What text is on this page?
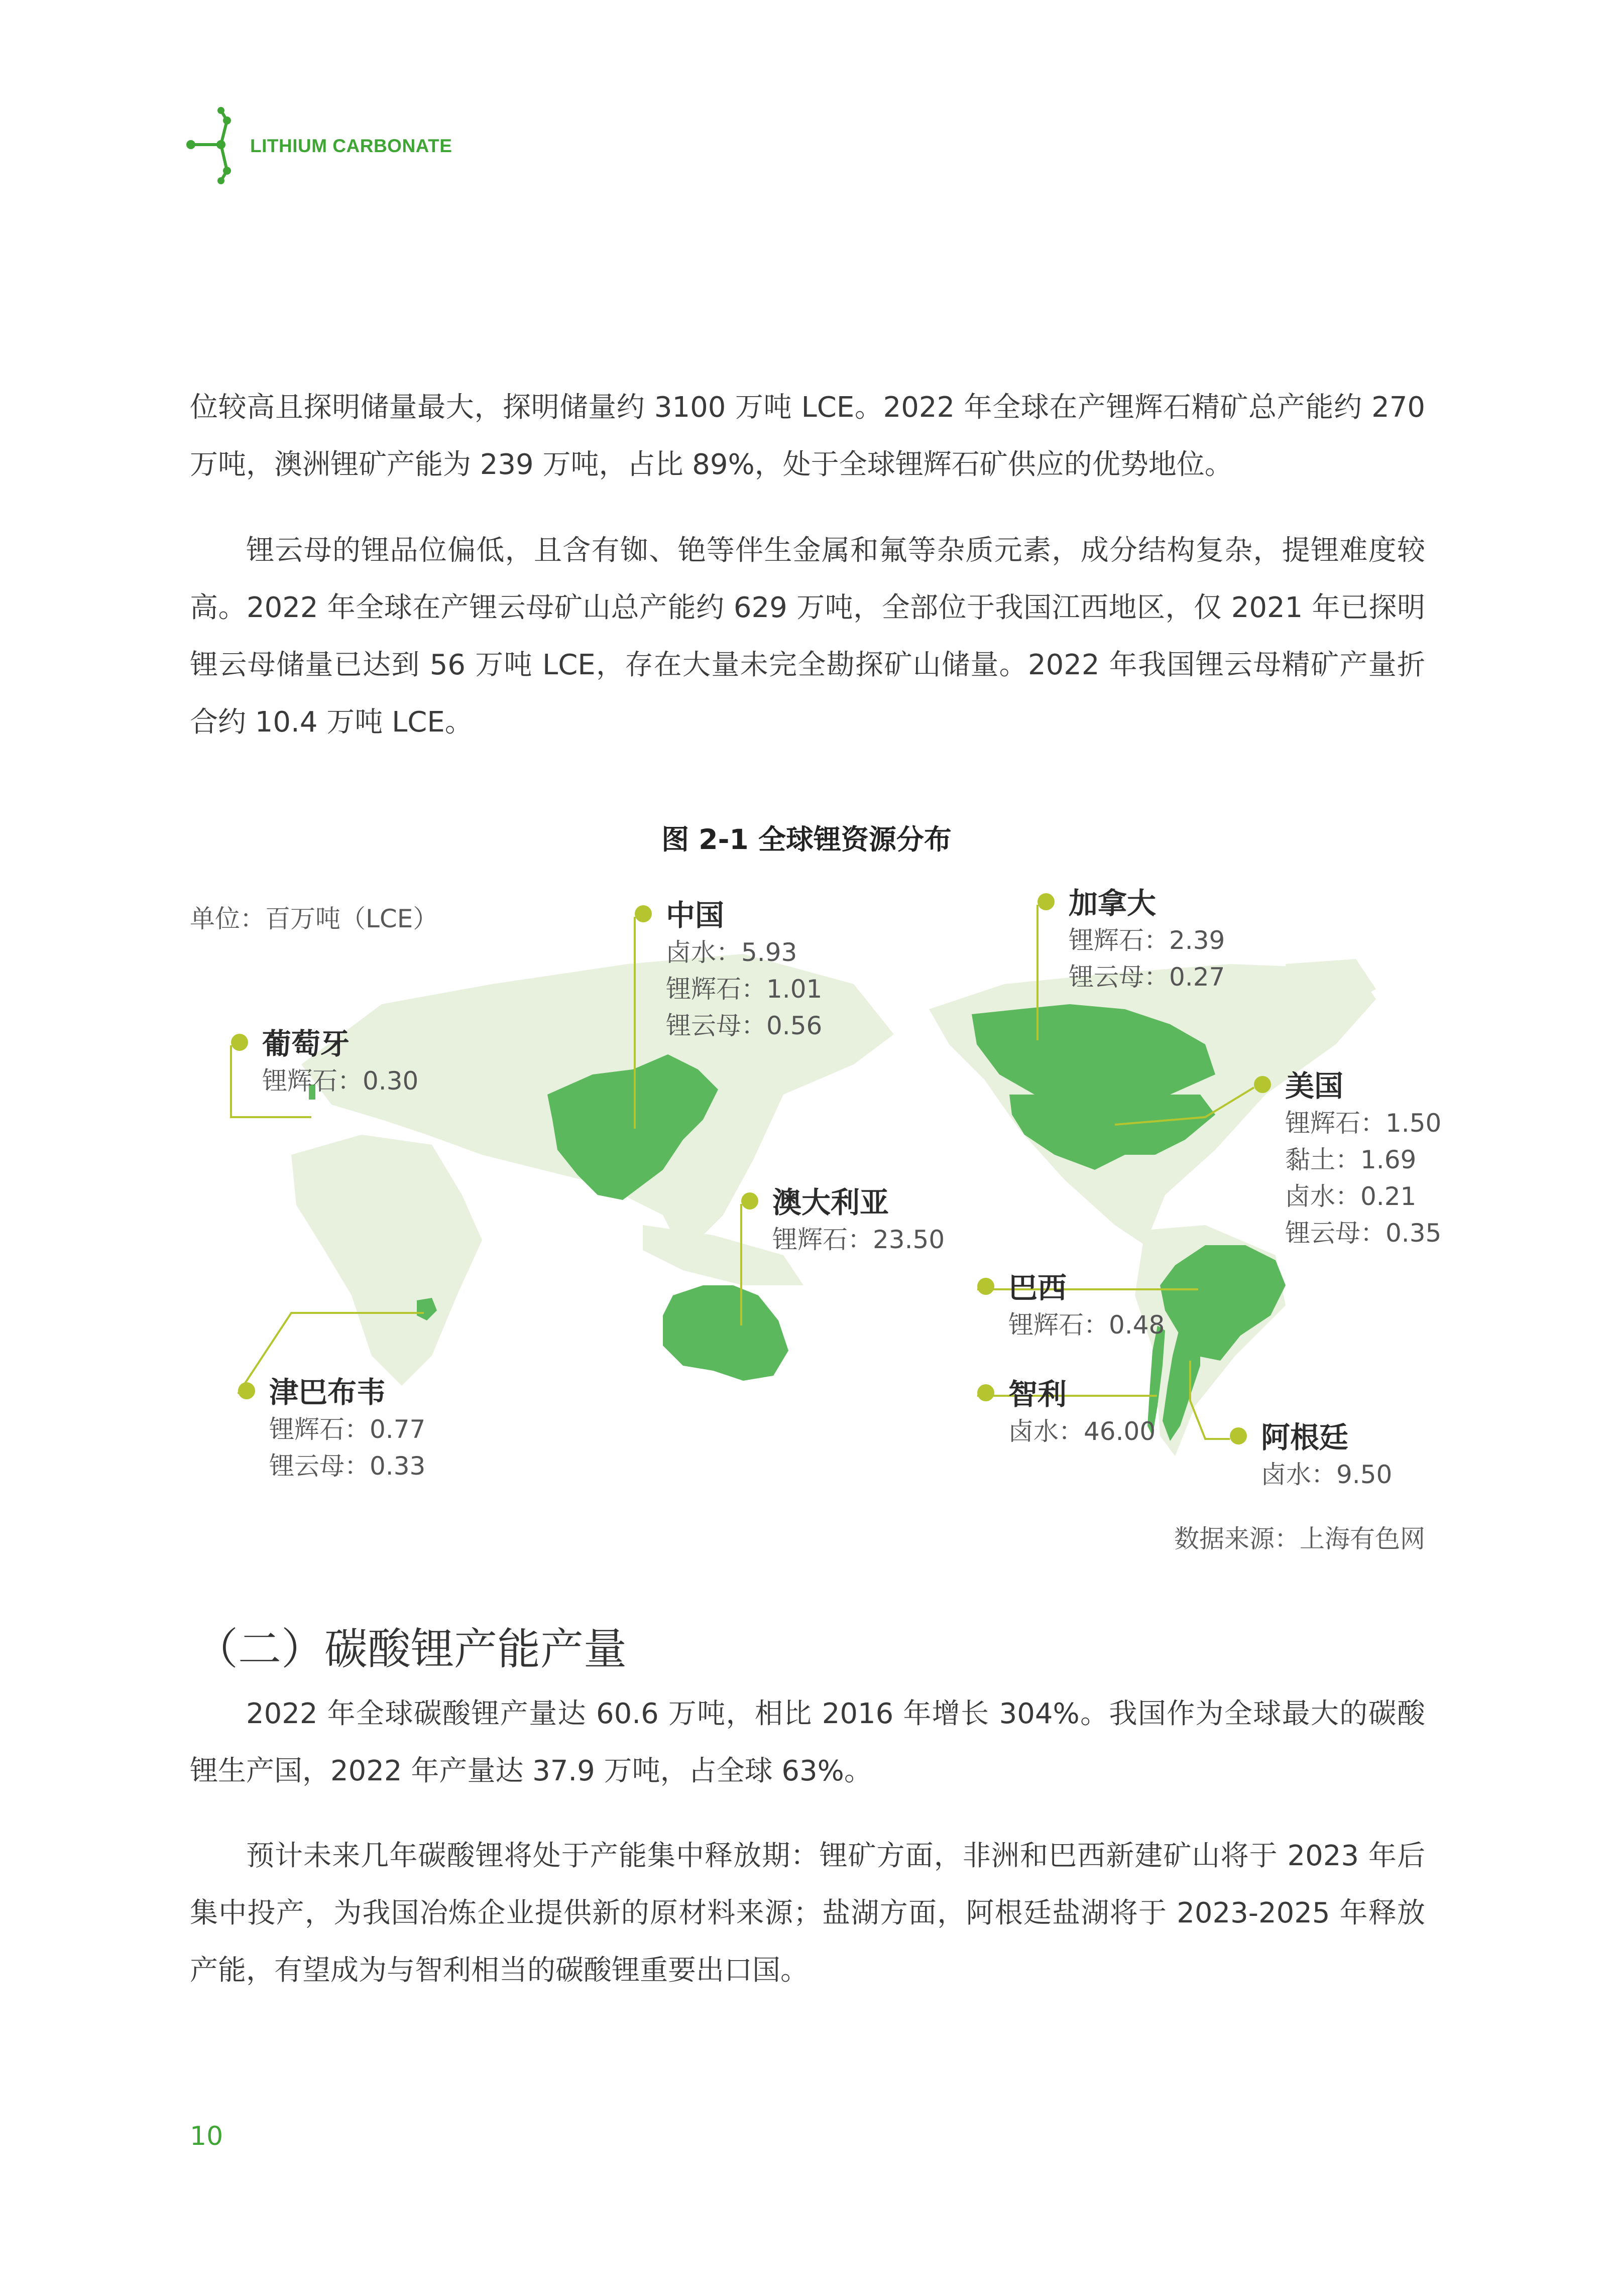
LITHIUM CARBONATE

位较高且探明储量最大，探明储量约 3100 万吨 LCE。2022 年全球在产锂辉石精矿总产能约 270 万吨，澳洲锂矿产能为 239 万吨，占比 89%，处于全球锂辉石矿供应的优势地位。

锂云母的锂品位偏低，且含有铷、铯等伴生金属和氟等杂质元素，成分结构复杂，提锂难度较高。2022 年全球在产锂云母矿山总产能约 629 万吨，全部位于我国江西地区，仅 2021 年已探明锂云母储量已达到 56 万吨 LCE，存在大量未完全勘探矿山储量。2022 年我国锂云母精矿产量折合约 10.4 万吨 LCE。

图 2-1 全球锂资源分布

单位：百万吨（LCE）	中国
卤水：5.93
锂辉石：1.01
锂云母：0.56
加拿大
锂辉石：2.39
锂云母：0.27
葡萄牙
锂辉石：0.30	美国
锂辉石：1.50
黏土：1.69
卤水：0.21
锂云母：0.35
澳大利亚
锂辉石：23.50
巴西
锂辉石：0.48
津巴布韦
锂辉石：0.77
锂云母：0.33
智利
卤水：46.00	阿根廷
卤水：9.50
数据来源：上海有色网
（二）碳酸锂产能产量

2022 年全球碳酸锂产量达 60.6 万吨，相比 2016 年增长 304%。我国作为全球最大的碳酸锂生产国，2022 年产量达 37.9 万吨，占全球 63%。

预计未来几年碳酸锂将处于产能集中释放期：锂矿方面，非洲和巴西新建矿山将于 2023 年后集中投产，为我国冶炼企业提供新的原材料来源；盐湖方面，阿根廷盐湖将于 2023-2025 年释放产能，有望成为与智利相当的碳酸锂重要出口国。

10
